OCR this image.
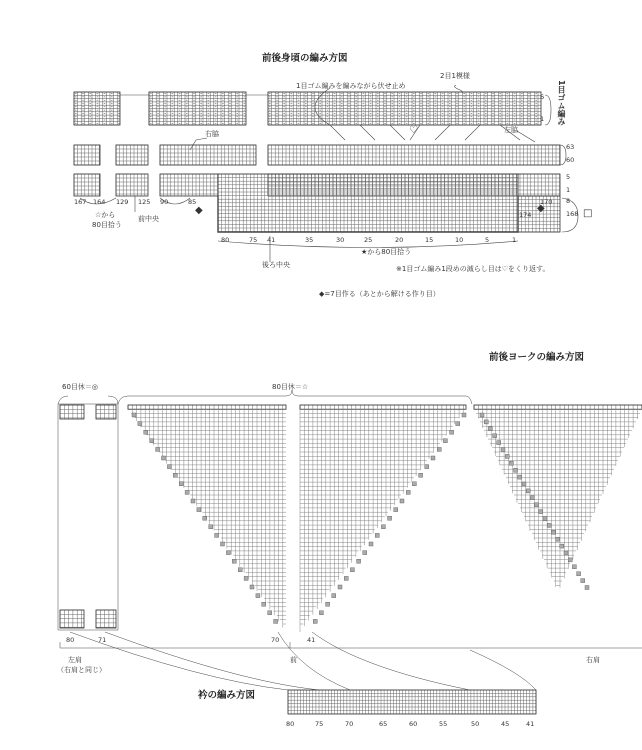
前後身頃の編み方図
1目ゴム編みを編みながら伏せ止め
2目1模様
1目ゴム編み
右脇	左脇
♡
6
1
63
60
5
1
8
168 □
167 164 129 125 90	85	170
174
◆	◆
☆から
80目拾う
前中央
80	75 41	35	30	25	20	15	10	5	1
後ろ中央
★から80目拾う
※1目ゴム編み1段めの減らし目は♡をくり返す。
◆=7目作る（あとから解ける作り目）
前後ヨークの編み方図
60目休＝◎	80目休＝☆
80	71	70	41
左肩
（右肩と同じ）
前	右肩
衿の編み方図
80	75	70	65	60	55	50	45	41
